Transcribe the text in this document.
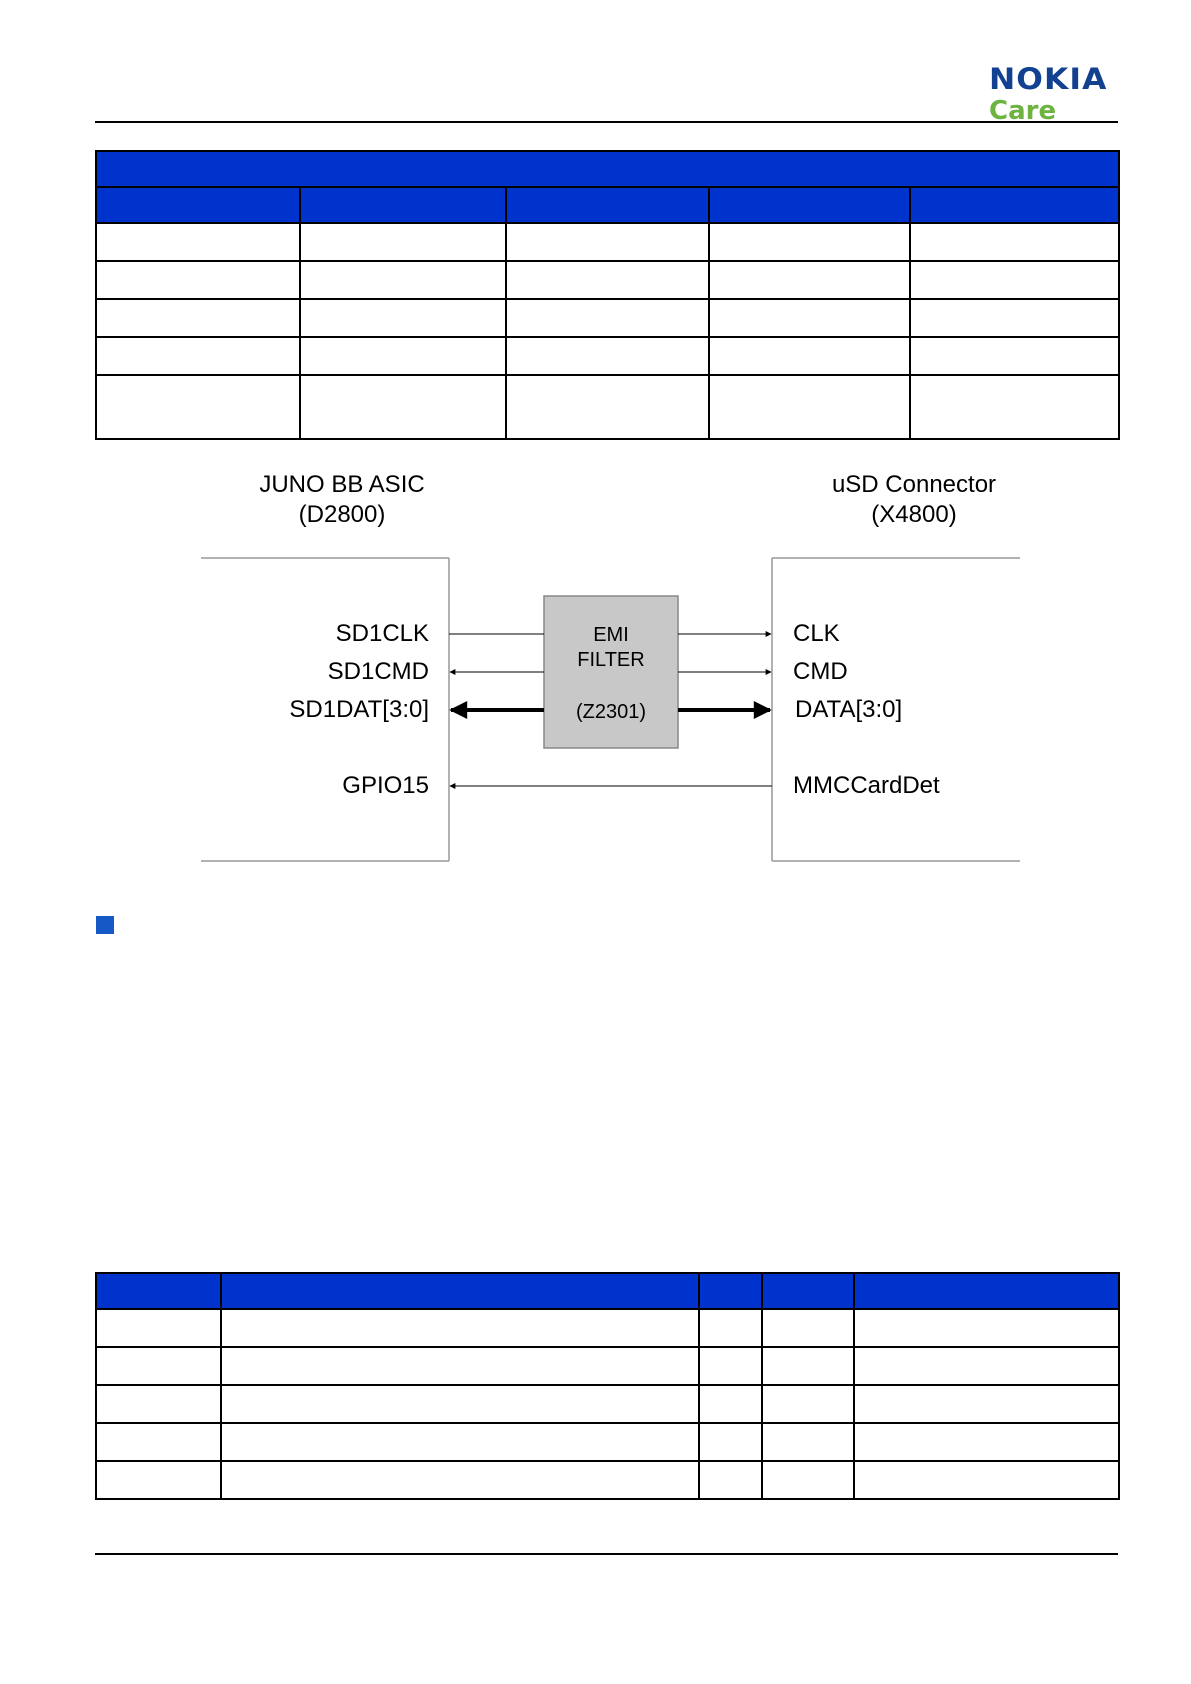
NOKIA
Care

JUNO BB ASIC
(D2800)
uSD Connector
(X4800)
EMI
FILTER
(Z2301)
SD1CLK
SD1CMD
SD1DAT[3:0]
GPIO15
CLK
CMD
DATA[3:0]
MMCCardDet
